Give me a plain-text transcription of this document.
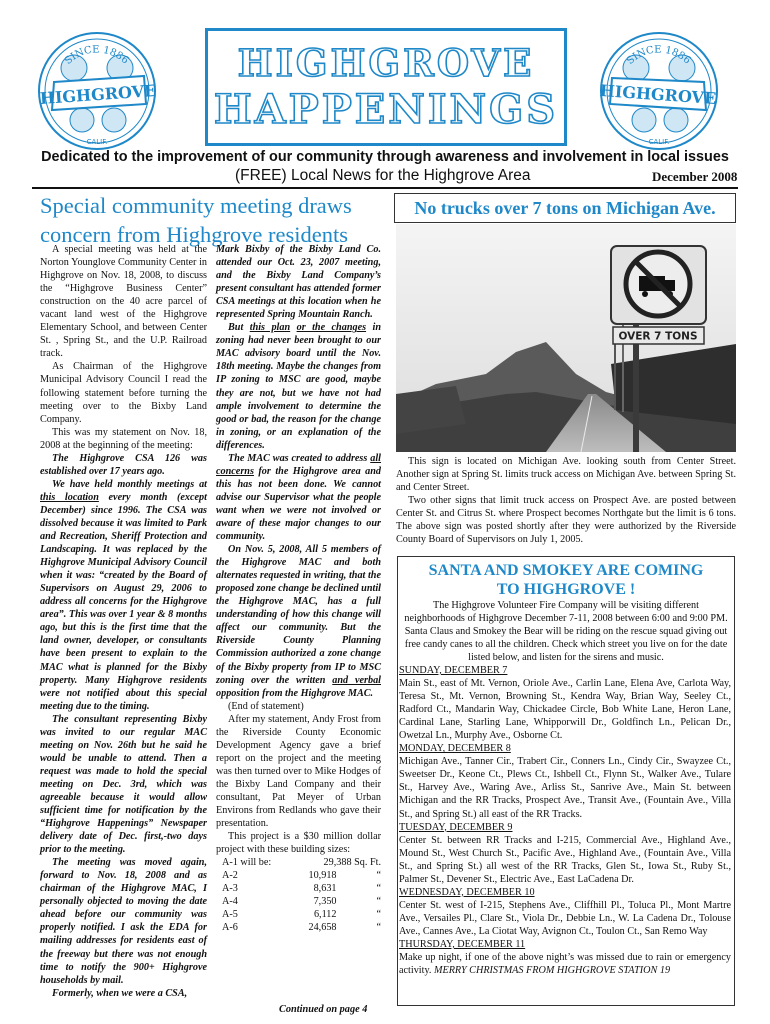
SINCE 1886
HIGHGROVE
CALIF.
SINCE 1886
HIGHGROVE
CALIF.
HIGHGROVE
HAPPENINGS
Dedicated to the improvement of our community through awareness and involvement in local issues
(FREE) Local News for the Highgrove Area	December 2008
Special community meeting draws
concern from Highgrove residents

A special meeting was held at the Norton Younglove Community Center in Highgrove on Nov. 18, 2008, to discuss the “Highgrove Business Center” construction on the 40 acre parcel of vacant land west of the Highgrove Elementary School, and between Center St. , Spring St., and the U.P. Railroad track.

As Chairman of the Highgrove Municipal Advisory Council I read the following statement before turning the meeting over to the Bixby Land Company.

This was my statement on Nov. 18, 2008 at the beginning of the meeting:

The Highgrove CSA 126 was established over 17 years ago.

We have held monthly meetings at this location every month (except December) since 1996. The CSA was dissolved because it was limited to Park and Recreation, Sheriff Protection and Landscaping. It was replaced by the Highgrove Municipal Advisory Council when it was: “created by the Board of Supervisors on August 29, 2006 to address all concerns for the Highgrove area”. This was over 1 year & 8 months ago, but this is the first time that the land owner, developer, or consultants have been present to explain to the MAC what is planned for the Bixby property. Many Highgrove residents were not notified about this special meeting due to the timing.

The consultant representing Bixby was invited to our regular MAC meeting on Nov. 26th but he said he would be unable to attend. Then a request was made to hold the special meeting on Dec. 3rd, which was agreeable because it would allow sufficient time for notification by the “Highgrove Happenings” Newspaper delivery date of Dec. first,-two days prior to the meeting.

The meeting was moved again, forward to Nov. 18, 2008 and as chairman of the Highgrove MAC, I personally objected to moving the date ahead before our community was properly notified. I ask the EDA for mailing addresses for residents east of the freeway but there was not enough time to notify the 900+ Highgrove households by mail.

Formerly, when we were a CSA,

Mark Bixby of the Bixby Land Co. attended our Oct. 23, 2007 meeting, and the Bixby Land Company’s present consultant has attended former CSA meetings at this location when he represented Spring Mountain Ranch.

But this plan or the changes in zoning had never been brought to our MAC advisory board until the Nov. 18th meeting. Maybe the changes from IP zoning to MSC are good, maybe they are not, but we have not had ample involvement to determine the good or bad, the reason for the change in zoning, or an explanation of the differences.

The MAC was created to address all concerns for the Highgrove area and this has not been done. We cannot advise our Supervisor what the people want when we were not involved or aware of these major changes to our community.

On Nov. 5, 2008, All 5 members of the Highgrove MAC and both alternates requested in writing, that the proposed zone change be declined until the Highgrove MAC, has a full understanding of how this change will affect our community. But the Riverside County Planning Commission authorized a zone change of the Bixby property from IP to MSC zoning over the written and verbal opposition from the Highgrove MAC.

(End of statement)

After my statement, Andy Frost from the Riverside County Economic Development Agency gave a brief report on the project and the meeting was then turned over to Mike Hodges of the Bixby Land Company and their consultant, Pat Meyer of Urban Environs from Redlands who gave their presentation.

This project is a $30 million dollar project with these building sizes:

A-1 will be:	29,388 Sq. Ft.
A-2	10,918	“
A-3	8,631	“
A-4	7,350	“
A-5	6,112	“
A-6	24,658	“
Continued on page 4
No trucks over 7 tons on Michigan Ave.
OVER 7 TONS

This sign is located on Michigan Ave. looking south from Center Street. Another sign at Spring St. limits truck access on Michigan Ave. between Spring St. and Center Street.

Two other signs that limit truck access on Prospect Ave. are posted between Center St. and Citrus St. where Prospect becomes Northgate but the limit is 6 tons. The above sign was posted shortly after they were authorized by the Riverside County Board of Supervisors on July 1, 2005.

SANTA AND SMOKEY ARE COMING
TO HIGHGROVE !
The Highgrove Volunteer Fire Company will be visiting different neighborhoods of Highgrove December 7-11, 2008 between 6:00 and 9:00 PM. Santa Claus and Smokey the Bear will be riding on the rescue squad giving out free candy canes to all the children. Check which street you live on for the date listed below, and listen for the sirens and music.

SUNDAY, DECEMBER 7

Main St., east of Mt. Vernon, Oriole Ave., Carlin Lane, Elena Ave, Carlota Way, Teresa St., Mt. Vernon, Browning St., Kendra Way, Brian Way, Seeley Ct., Radford Ct., Mandarin Way, Chickadee Circle, Bob White Lane, Heron Lane, Cardinal Lane, Starling Lane, Whipporwill Dr., Goldfinch Ln., Pelican Dr., Owetzal Ln., Murphy Ave., Osborne Ct.

MONDAY, DECEMBER 8

Michigan Ave., Tanner Cir., Trabert Cir., Conners Ln., Cindy Cir., Swayzee Ct., Sweetser Dr., Keone Ct., Plews Ct., Ishbell Ct., Flynn St., Walker Ave., Tulare St., Harvey Ave., Waring Ave., Arliss St., Sanrive Ave., Main St. between Michigan and the RR Tracks, Prospect Ave., Transit Ave., (Fountain Ave., Villa St., and Spring St.) all east of the RR Tracks.

TUESDAY, DECEMBER 9

Center St. between RR Tracks and I-215, Commercial Ave., Highland Ave., Mound St., West Church St., Pacific Ave., Highland Ave., (Fountain Ave., Villa St., and Spring St.) all west of the RR Tracks, Glen St., Iowa St., Ruby St., Palmer St., Devener St., Electric Ave., East LaCadena Dr.

WEDNESDAY, DECEMBER 10

Center St. west of I-215, Stephens Ave., Cliffhill Pl., Toluca Pl., Mont Martre Ave., Versailes Pl., Clare St., Viola Dr., Debbie Ln., W. La Cadena Dr., Tolouse Ave., Cannes Ave., La Ciotat Way, Avignon Ct., Toulon Ct., San Remo Way

THURSDAY, DECEMBER 11

Make up night, if one of the above night’s was missed due to rain or emergency activity. MERRY CHRISTMAS FROM HIGHGROVE STATION 19
